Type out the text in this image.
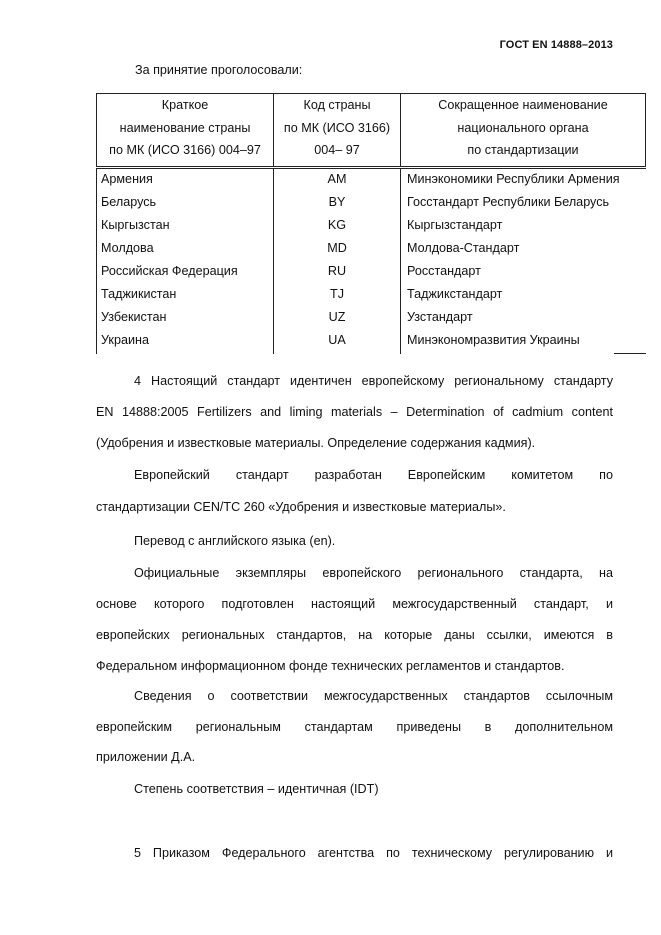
ГОСТ EN 14888–2013
За принятие проголосовали:
Краткое
наименование страны
по МК (ИСО 3166) 004–97
Код страны
по МК (ИСО 3166)
004– 97
Сокращенное наименование
национального органа
по стандартизации
Армения
Беларусь
Кыргызстан
Молдова
Российская Федерация
Таджикистан
Узбекистан
Украина
AM
BY
KG
MD
RU
TJ
UZ
UA
Минэкономики Республики Армения
Госстандарт Республики Беларусь
Кыргызстандарт
Молдова-Стандарт
Росстандарт
Таджикстандарт
Узстандарт
Минэкономразвития Украины
4 Настоящий стандарт идентичен европейскому региональному стандарту
EN 14888:2005 Fertilizers and liming materials – Determination of cadmium content
(Удобрения и известковые материалы. Определение содержания кадмия).
Европейский стандарт разработан Европейским комитетом по
стандартизации CEN/TC 260 «Удобрения и известковые материалы».
Перевод с английского языка (en).
Официальные экземпляры европейского регионального стандарта, на
основе которого подготовлен настоящий межгосударственный стандарт, и
европейских региональных стандартов, на которые даны ссылки, имеются в
Федеральном информационном фонде технических регламентов и стандартов.
Сведения о соответствии межгосударственных стандартов ссылочным
европейским региональным стандартам приведены в дополнительном
приложении Д.А.
Степень соответствия – идентичная (IDT)
5 Приказом Федерального агентства по техническому регулированию и
